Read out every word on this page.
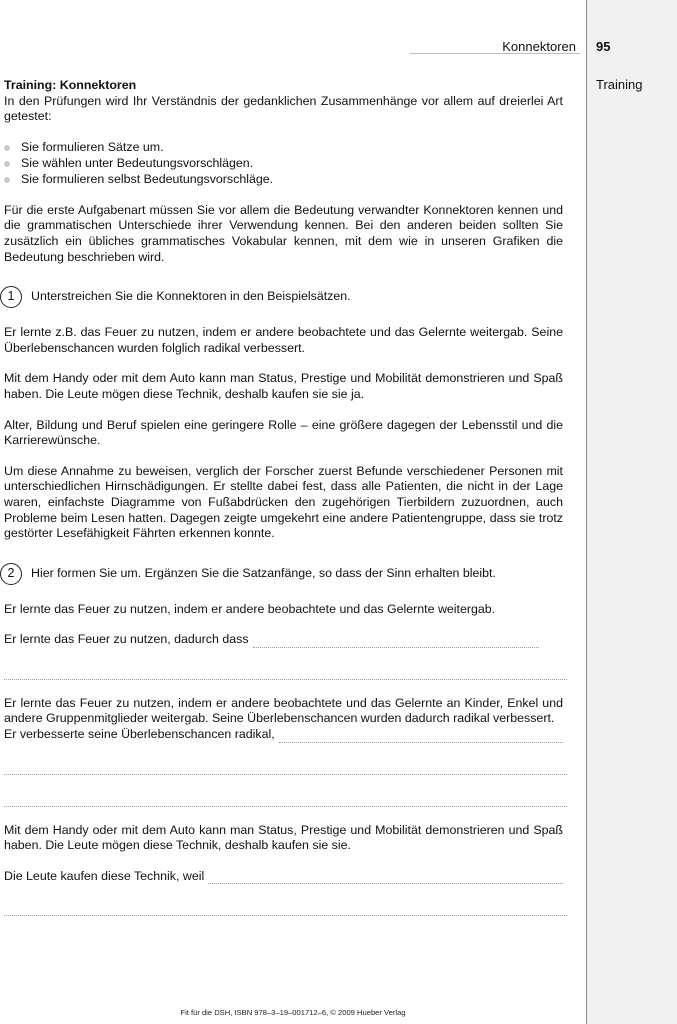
Konnektoren 95
Training
Training: Konnektoren

In den Prüfungen wird Ihr Verständnis der gedanklichen Zusammenhänge vor allem auf dreierlei Art getestet:

Sie formulieren Sätze um.
Sie wählen unter Bedeutungsvorschlägen.
Sie formulieren selbst Bedeutungsvorschläge.

Für die erste Aufgabenart müssen Sie vor allem die Bedeutung verwandter Konnektoren kennen und die grammatischen Unterschiede ihrer Verwendung kennen. Bei den anderen beiden sollten Sie zusätzlich ein übliches grammatisches Vokabular kennen, mit dem wie in unseren Grafiken die Bedeutung beschrieben wird.

1	Unterstreichen Sie die Konnektoren in den Beispielsätzen.

Er lernte z.B. das Feuer zu nutzen, indem er andere beobachtete und das Gelernte weitergab. Seine Überlebenschancen wurden folglich radikal verbessert.

Mit dem Handy oder mit dem Auto kann man Status, Prestige und Mobilität demonstrieren und Spaß haben. Die Leute mögen diese Technik, deshalb kaufen sie sie ja.

Alter, Bildung und Beruf spielen eine geringere Rolle – eine größere dagegen der Lebensstil und die Karrierewünsche.

Um diese Annahme zu beweisen, verglich der Forscher zuerst Befunde verschiedener Personen mit unterschiedlichen Hirnschädigungen. Er stellte dabei fest, dass alle Patienten, die nicht in der Lage waren, einfachste Diagramme von Fußabdrücken den zugehörigen Tierbildern zuzuordnen, auch Probleme beim Lesen hatten. Dagegen zeigte umgekehrt eine andere Patientengruppe, dass sie trotz gestörter Lesefähigkeit Fährten erkennen konnte.

2	Hier formen Sie um. Ergänzen Sie die Satzanfänge, so dass der Sinn erhalten bleibt.

Er lernte das Feuer zu nutzen, indem er andere beobachtete und das Gelernte weitergab.

Er lernte das Feuer zu nutzen, dadurch dass

Er lernte das Feuer zu nutzen, indem er andere beobachtete und das Gelernte an Kinder, Enkel und andere Gruppenmitglieder weitergab. Seine Überlebenschancen wurden dadurch radikal verbessert.

Er verbesserte seine Überlebenschancen radikal,

Mit dem Handy oder mit dem Auto kann man Status, Prestige und Mobilität demonstrieren und Spaß haben. Die Leute mögen diese Technik, deshalb kaufen sie sie.

Die Leute kaufen diese Technik, weil
Fit für die DSH, ISBN 978–3–19–001712–6, © 2009 Hueber Verlag
